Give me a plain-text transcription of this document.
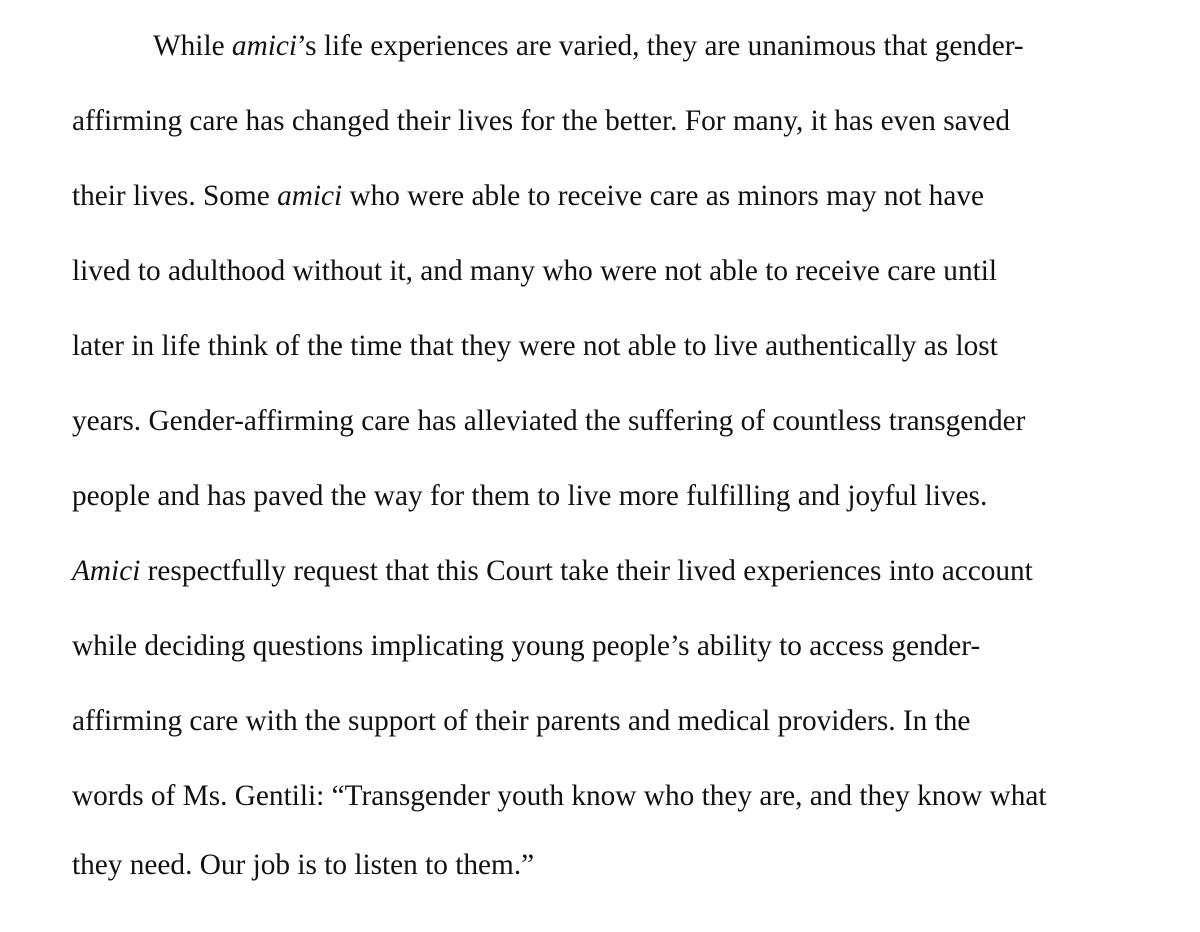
While amici’s life experiences are varied, they are unanimous that gender-
affirming care has changed their lives for the better. For many, it has even saved
their lives. Some amici who were able to receive care as minors may not have
lived to adulthood without it, and many who were not able to receive care until
later in life think of the time that they were not able to live authentically as lost
years. Gender-affirming care has alleviated the suffering of countless transgender
people and has paved the way for them to live more fulfilling and joyful lives.
Amici respectfully request that this Court take their lived experiences into account
while deciding questions implicating young people’s ability to access gender-
affirming care with the support of their parents and medical providers. In the
words of Ms. Gentili: “Transgender youth know who they are, and they know what
they need. Our job is to listen to them.”
